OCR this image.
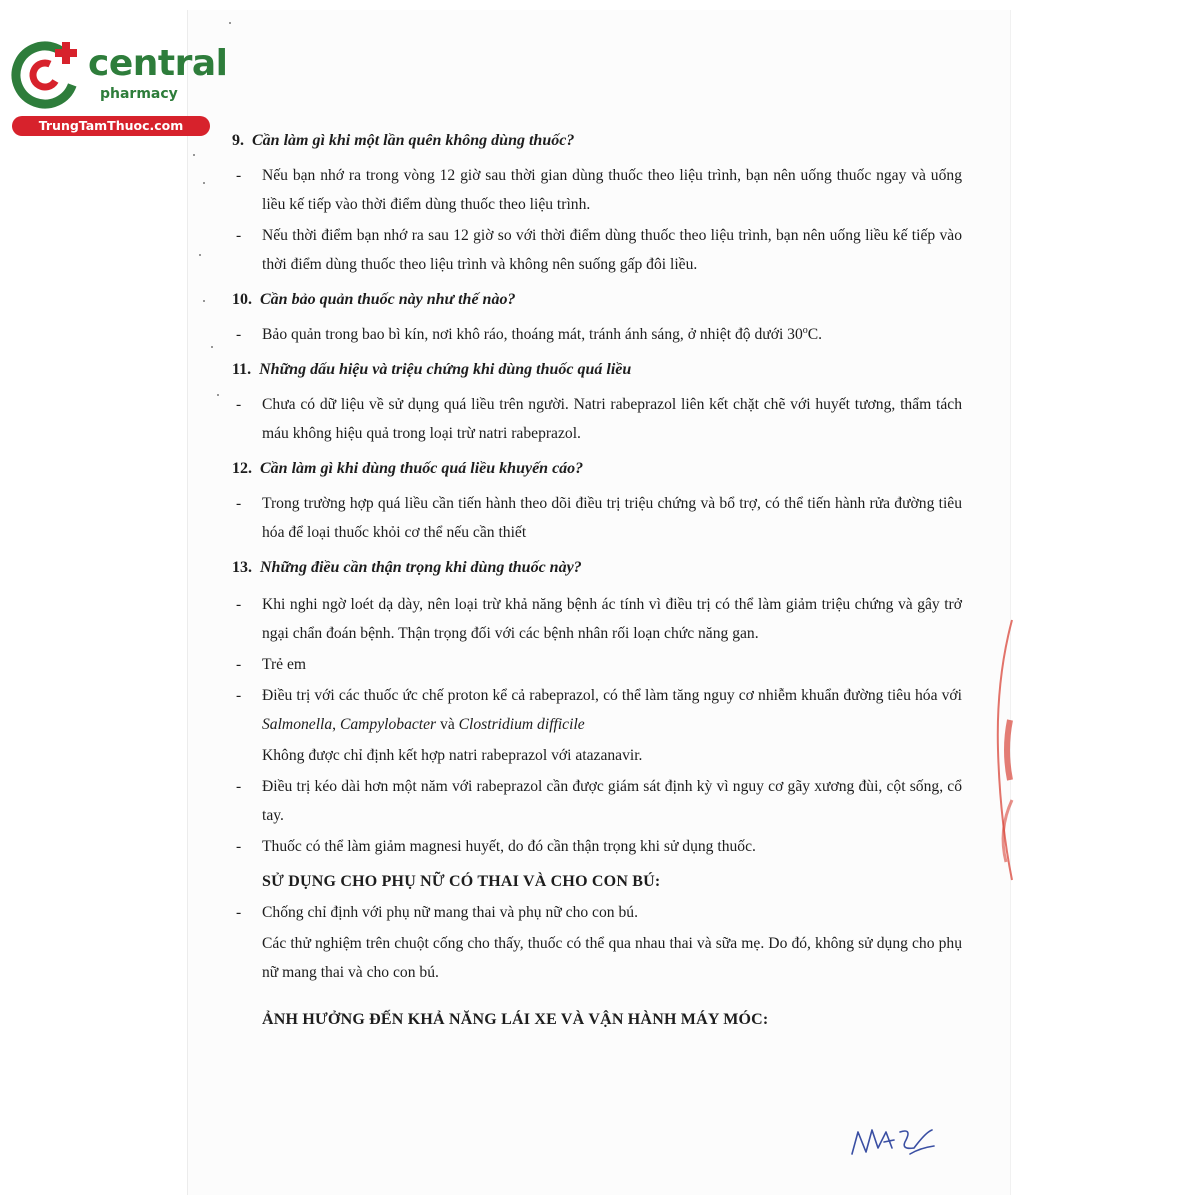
central
pharmacy
TrungTamThuoc.com
9. Cần làm gì khi một lần quên không dùng thuốc?
- Nếu bạn nhớ ra trong vòng 12 giờ sau thời gian dùng thuốc theo liệu trình, bạn nên uống thuốc ngay và uống liều kế tiếp vào thời điểm dùng thuốc theo liệu trình.
- Nếu thời điểm bạn nhớ ra sau 12 giờ so với thời điểm dùng thuốc theo liệu trình, bạn nên uống liều kế tiếp vào thời điểm dùng thuốc theo liệu trình và không nên suống gấp đôi liều.
10. Cần bảo quản thuốc này như thế nào?
- Bảo quản trong bao bì kín, nơi khô ráo, thoáng mát, tránh ánh sáng, ở nhiệt độ dưới 30$^o$C.
11. Những dấu hiệu và triệu chứng khi dùng thuốc quá liều
- Chưa có dữ liệu về sử dụng quá liều trên người. Natri rabeprazol liên kết chặt chẽ với huyết tương, thẩm tách máu không hiệu quả trong loại trừ natri rabeprazol.
12. Cần làm gì khi dùng thuốc quá liều khuyến cáo?
- Trong trường hợp quá liều cần tiến hành theo dõi điều trị triệu chứng và bổ trợ, có thể tiến hành rửa đường tiêu hóa để loại thuốc khỏi cơ thể nếu cần thiết
13. Những điều cần thận trọng khi dùng thuốc này?
- Khi nghi ngờ loét dạ dày, nên loại trừ khả năng bệnh ác tính vì điều trị có thể làm giảm triệu chứng và gây trở ngại chẩn đoán bệnh. Thận trọng đối với các bệnh nhân rối loạn chức năng gan.
- Trẻ em
- Điều trị với các thuốc ức chế proton kể cả rabeprazol, có thể làm tăng nguy cơ nhiễm khuẩn đường tiêu hóa với Salmonella, Campylobacter và Clostridium difficile
Không được chỉ định kết hợp natri rabeprazol với atazanavir.
- Điều trị kéo dài hơn một năm với rabeprazol cần được giám sát định kỳ vì nguy cơ gãy xương đùi, cột sống, cổ tay.
- Thuốc có thể làm giảm magnesi huyết, do đó cần thận trọng khi sử dụng thuốc.
SỬ DỤNG CHO PHỤ NỮ CÓ THAI VÀ CHO CON BÚ:
- Chống chỉ định với phụ nữ mang thai và phụ nữ cho con bú.
Các thử nghiệm trên chuột cống cho thấy, thuốc có thể qua nhau thai và sữa mẹ. Do đó, không sử dụng cho phụ nữ mang thai và cho con bú.
ẢNH HƯỞNG ĐẾN KHẢ NĂNG LÁI XE VÀ VẬN HÀNH MÁY MÓC:
